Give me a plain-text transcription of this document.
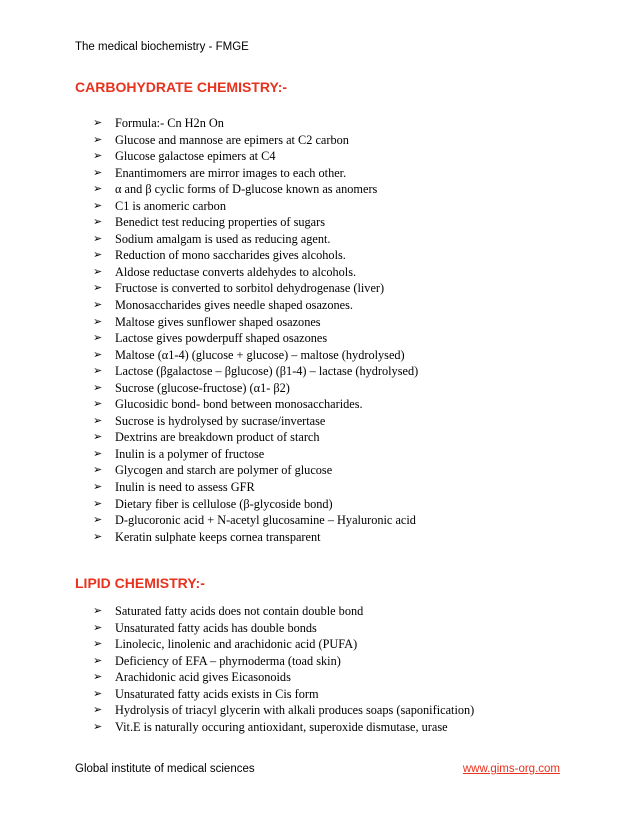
The medical biochemistry - FMGE
CARBOHYDRATE CHEMISTRY:-
➢	Formula:- Cn H2n On
➢	Glucose and mannose are epimers at C2 carbon
➢	Glucose galactose epimers at C4
➢	Enantimomers are mirror images to each other.
➢	α and β cyclic forms of D-glucose known as anomers
➢	C1 is anomeric carbon
➢	Benedict test reducing properties of sugars
➢	Sodium amalgam is used as reducing agent.
➢	Reduction of mono saccharides gives alcohols.
➢	Aldose reductase converts aldehydes to alcohols.
➢	Fructose is converted to sorbitol dehydrogenase (liver)
➢	Monosaccharides gives needle shaped osazones.
➢	Maltose gives sunflower shaped osazones
➢	Lactose gives powderpuff shaped osazones
➢	Maltose (α1-4) (glucose + glucose) – maltose (hydrolysed)
➢	Lactose (βgalactose – βglucose) (β1-4) – lactase (hydrolysed)
➢	Sucrose (glucose-fructose) (α1- β2)
➢	Glucosidic bond- bond between monosaccharides.
➢	Sucrose is hydrolysed by sucrase/invertase
➢	Dextrins are breakdown product of starch
➢	Inulin is a polymer of fructose
➢	Glycogen and starch are polymer of glucose
➢	Inulin is need to assess GFR
➢	Dietary fiber is cellulose (β-glycoside bond)
➢	D-glucoronic acid + N-acetyl glucosamine – Hyaluronic acid
➢	Keratin sulphate keeps cornea transparent
LIPID CHEMISTRY:-
➢	Saturated fatty acids does not contain double bond
➢	Unsaturated fatty acids has double bonds
➢	Linolecic, linolenic and arachidonic acid (PUFA)
➢	Deficiency of EFA – phyrnoderma (toad skin)
➢	Arachidonic acid gives Eicasonoids
➢	Unsaturated fatty acids exists in Cis form
➢	Hydrolysis of triacyl glycerin with alkali produces soaps (saponification)
➢	Vit.E is naturally occuring antioxidant, superoxide dismutase, urase
Global institute of medical sciences	www.gims-org.com
